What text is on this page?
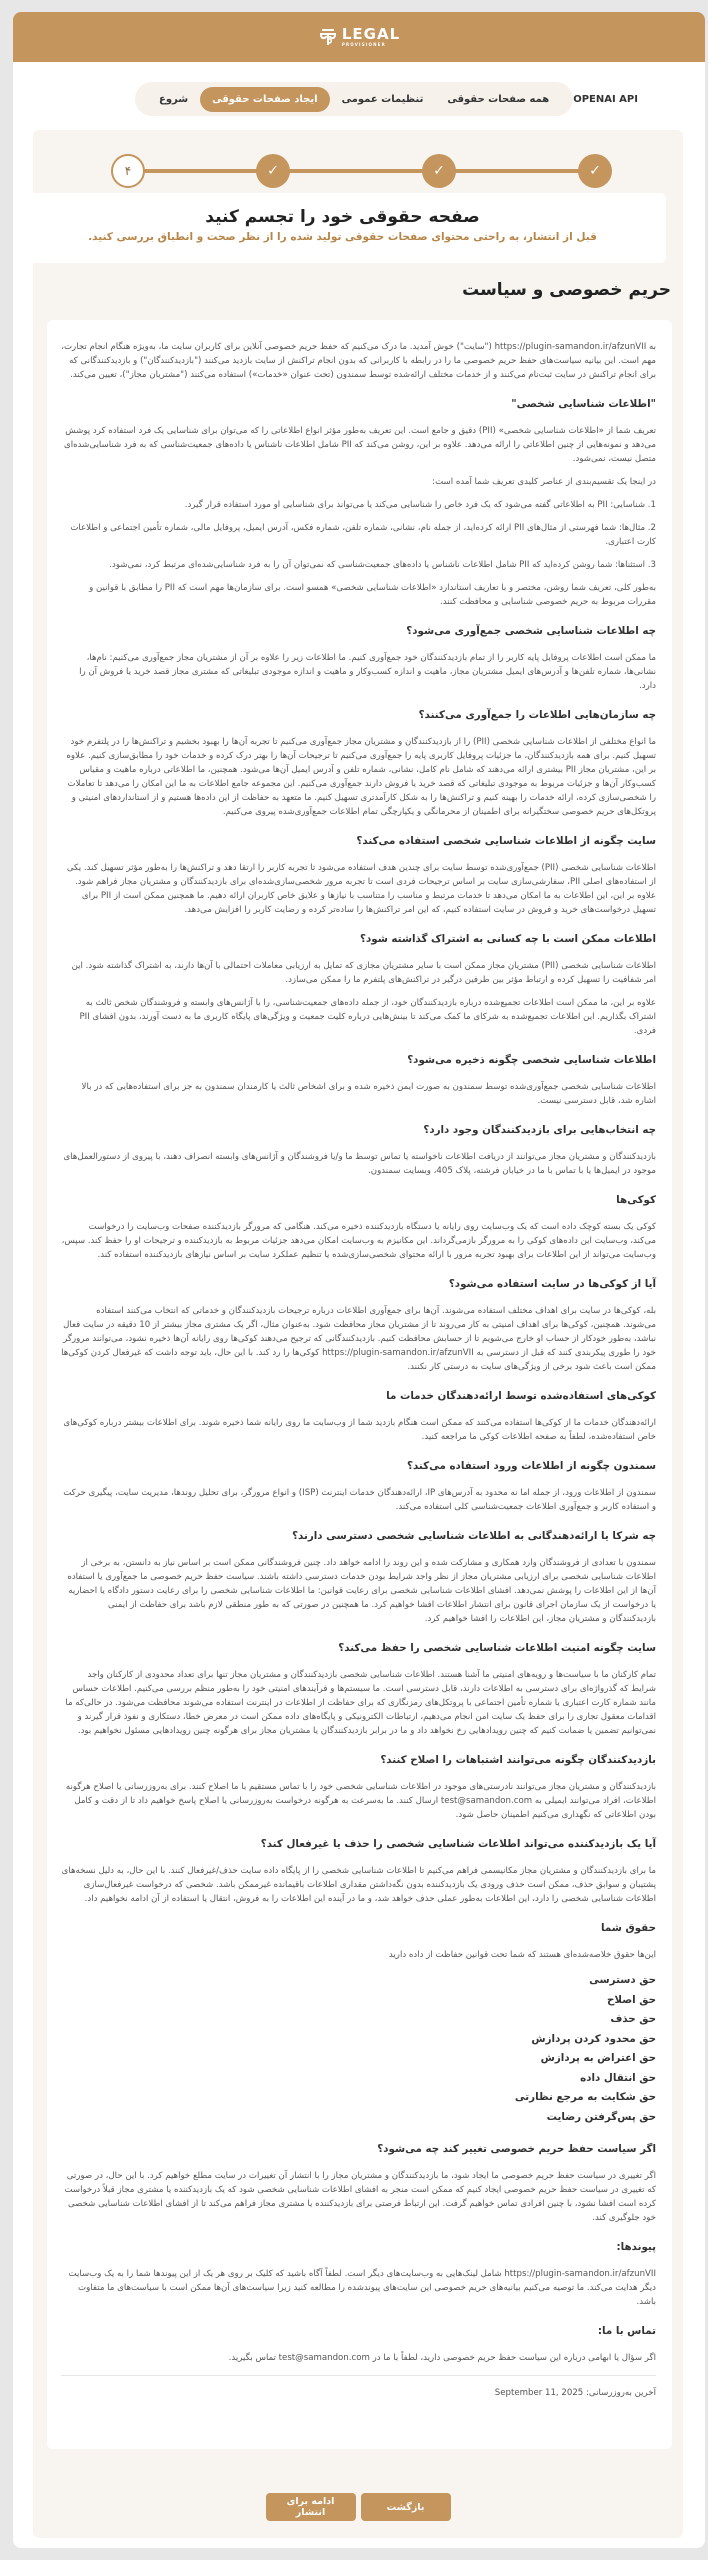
LEGAL
PROVISIONER
شروع	ایجاد صفحات حقوقی	تنظیمات عمومی	همه صفحات حقوقی	OPENAI API
✓
✓
✓
۴
صفحه حقوقی خود را تجسم کنید

قبل از انتشار، به راحتی محتوای صفحات حقوقی تولید شده را از نظر صحت و انطباق بررسی کنید.

حریم خصوصی و سیاست

به https://plugin-samandon.ir/afzunVII ("سایت") خوش آمدید. ما درک می‌کنیم که حفظ حریم خصوصی آنلاین برای کاربران سایت ما، به‌ویژه هنگام انجام تجارت، مهم است. این بیانیه سیاست‌های حفظ حریم خصوصی ما را در رابطه با کاربرانی که بدون انجام تراکنش از سایت بازدید می‌کنند ("بازدیدکنندگان") و بازدیدکنندگانی که برای انجام تراکنش در سایت ثبت‌نام می‌کنند و از خدمات مختلف ارائه‌شده توسط سمندون (تحت عنوان «خدمات») استفاده می‌کنند ("مشتریان مجاز")، تعیین می‌کند.

"اطلاعات شناسایی شخصی"

تعریف شما از «اطلاعات شناسایی شخصی» (PII) دقیق و جامع است. این تعریف به‌طور مؤثر انواع اطلاعاتی را که می‌توان برای شناسایی یک فرد استفاده کرد پوشش می‌دهد و نمونه‌هایی از چنین اطلاعاتی را ارائه می‌دهد. علاوه بر این، روشن می‌کند که PII شامل اطلاعات ناشناس یا داده‌های جمعیت‌شناسی که به فرد شناسایی‌شده‌ای متصل نیست، نمی‌شود.

در اینجا یک تقسیم‌بندی از عناصر کلیدی تعریف شما آمده است:

1. شناسایی: PII به اطلاعاتی گفته می‌شود که یک فرد خاص را شناسایی می‌کند یا می‌تواند برای شناسایی او مورد استفاده قرار گیرد.

2. مثال‌ها: شما فهرستی از مثال‌های PII ارائه کرده‌اید، از جمله نام، نشانی، شماره تلفن، شماره فکس، آدرس ایمیل، پروفایل مالی، شماره تأمین اجتماعی و اطلاعات کارت اعتباری.

3. استثناها: شما روشن کرده‌اید که PII شامل اطلاعات ناشناس یا داده‌های جمعیت‌شناسی که نمی‌توان آن را به فرد شناسایی‌شده‌ای مرتبط کرد، نمی‌شود.

به‌طور کلی، تعریف شما روشن، مختصر و با تعاریف استاندارد «اطلاعات شناسایی شخصی» همسو است. برای سازمان‌ها مهم است که PII را مطابق با قوانین و مقررات مربوط به حریم خصوصی شناسایی و محافظت کنند.

چه اطلاعات شناسایی شخصی جمع‌آوری می‌شود؟

ما ممکن است اطلاعات پروفایل پایه کاربر را از تمام بازدیدکنندگان خود جمع‌آوری کنیم. ما اطلاعات زیر را علاوه بر آن از مشتریان مجاز جمع‌آوری می‌کنیم: نام‌ها، نشانی‌ها، شماره تلفن‌ها و آدرس‌های ایمیل مشتریان مجاز، ماهیت و اندازه کسب‌وکار و ماهیت و اندازه موجودی تبلیغاتی که مشتری مجاز قصد خرید یا فروش آن را دارد.

چه سازمان‌هایی اطلاعات را جمع‌آوری می‌کنند؟

ما انواع مختلفی از اطلاعات شناسایی شخصی (PII) را از بازدیدکنندگان و مشتریان مجاز جمع‌آوری می‌کنیم تا تجربه آن‌ها را بهبود بخشیم و تراکنش‌ها را در پلتفرم خود تسهیل کنیم. برای همه بازدیدکنندگان، ما جزئیات پروفایل کاربری پایه را جمع‌آوری می‌کنیم تا ترجیحات آن‌ها را بهتر درک کرده و خدمات خود را مطابق‌سازی کنیم. علاوه بر این، مشتریان مجاز PII بیشتری ارائه می‌دهند که شامل نام کامل، نشانی، شماره تلفن و آدرس ایمیل آن‌ها می‌شود. همچنین، ما اطلاعاتی درباره ماهیت و مقیاس کسب‌وکار آن‌ها و جزئیات مربوط به موجودی تبلیغاتی که قصد خرید یا فروش دارند جمع‌آوری می‌کنیم. این مجموعه جامع اطلاعات به ما این امکان را می‌دهد تا تعاملات را شخصی‌سازی کرده، ارائه خدمات را بهینه کنیم و تراکنش‌ها را به شکل کارآمدتری تسهیل کنیم. ما متعهد به حفاظت از این داده‌ها هستیم و از استانداردهای امنیتی و پروتکل‌های حریم خصوصی سختگیرانه برای اطمینان از محرمانگی و یکپارچگی تمام اطلاعات جمع‌آوری‌شده پیروی می‌کنیم.

سایت چگونه از اطلاعات شناسایی شخصی استفاده می‌کند؟

اطلاعات شناسایی شخصی (PII) جمع‌آوری‌شده توسط سایت برای چندین هدف استفاده می‌شود تا تجربه کاربر را ارتقا دهد و تراکنش‌ها را به‌طور مؤثر تسهیل کند. یکی از استفاده‌های اصلی PII، سفارشی‌سازی سایت بر اساس ترجیحات فردی است تا تجربه مرور شخصی‌سازی‌شده‌ای برای بازدیدکنندگان و مشتریان مجاز فراهم شود. علاوه بر این، این اطلاعات به ما امکان می‌دهد تا خدمات مرتبط و مناسب را متناسب با نیازها و علایق خاص کاربران ارائه دهیم. ما همچنین ممکن است از PII برای تسهیل درخواست‌های خرید و فروش در سایت استفاده کنیم، که این امر تراکنش‌ها را ساده‌تر کرده و رضایت کاربر را افزایش می‌دهد.

اطلاعات ممکن است با چه کسانی به اشتراک گذاشته شود؟

اطلاعات شناسایی شخصی (PII) مشتریان مجاز ممکن است با سایر مشتریان مجازی که تمایل به ارزیابی معاملات احتمالی با آن‌ها دارند، به اشتراک گذاشته شود. این امر شفافیت را تسهیل کرده و ارتباط مؤثر بین طرفین درگیر در تراکنش‌های پلتفرم ما را ممکن می‌سازد.

علاوه بر این، ما ممکن است اطلاعات تجمیع‌شده درباره بازدیدکنندگان خود، از جمله داده‌های جمعیت‌شناسی، را با آژانس‌های وابسته و فروشندگان شخص ثالث به اشتراک بگذاریم. این اطلاعات تجمیع‌شده به شرکای ما کمک می‌کند تا بینش‌هایی درباره کلیت جمعیت و ویژگی‌های پایگاه کاربری ما به دست آورند، بدون افشای PII فردی.

اطلاعات شناسایی شخصی چگونه ذخیره می‌شود؟

اطلاعات شناسایی شخصی جمع‌آوری‌شده توسط سمندون به صورت ایمن ذخیره شده و برای اشخاص ثالث یا کارمندان سمندون به جز برای استفاده‌هایی که در بالا اشاره شد، قابل دسترسی نیست.

چه انتخاب‌هایی برای بازدیدکنندگان وجود دارد؟

بازدیدکنندگان و مشتریان مجاز می‌توانند از دریافت اطلاعات ناخواسته یا تماس توسط ما و/یا فروشندگان و آژانس‌های وابسته انصراف دهند، با پیروی از دستورالعمل‌های موجود در ایمیل‌ها یا با تماس با ما در خیابان فرشته، پلاک 405، وبسایت سمندون.

کوکی‌ها

کوکی یک بسته کوچک داده است که یک وب‌سایت روی رایانه یا دستگاه بازدیدکننده ذخیره می‌کند. هنگامی که مرورگر بازدیدکننده صفحات وب‌سایت را درخواست می‌کند، وب‌سایت این داده‌های کوکی را به مرورگر بازمی‌گرداند. این مکانیزم به وب‌سایت امکان می‌دهد جزئیات مربوط به بازدیدکننده و ترجیحات او را حفظ کند. سپس، وب‌سایت می‌تواند از این اطلاعات برای بهبود تجربه مرور با ارائه محتوای شخصی‌سازی‌شده یا تنظیم عملکرد سایت بر اساس نیازهای بازدیدکننده استفاده کند.

آیا از کوکی‌ها در سایت استفاده می‌شود؟

بله، کوکی‌ها در سایت برای اهداف مختلف استفاده می‌شوند. آن‌ها برای جمع‌آوری اطلاعات درباره ترجیحات بازدیدکنندگان و خدماتی که انتخاب می‌کنند استفاده می‌شوند. همچنین، کوکی‌ها برای اهداف امنیتی به کار می‌روند تا از مشتریان مجاز محافظت شود. به‌عنوان مثال، اگر یک مشتری مجاز بیشتر از 10 دقیقه در سایت فعال نباشد، به‌طور خودکار از حساب او خارج می‌شویم تا از حسابش محافظت کنیم. بازدیدکنندگانی که ترجیح می‌دهند کوکی‌ها روی رایانه آن‌ها ذخیره نشود، می‌توانند مرورگر خود را طوری پیکربندی کنند که قبل از دسترسی به https://plugin-samandon.ir/afzunVII کوکی‌ها را رد کند. با این حال، باید توجه داشت که غیرفعال کردن کوکی‌ها ممکن است باعث شود برخی از ویژگی‌های سایت به درستی کار نکنند.

کوکی‌های استفاده‌شده توسط ارائه‌دهندگان خدمات ما

ارائه‌دهندگان خدمات ما از کوکی‌ها استفاده می‌کنند که ممکن است هنگام بازدید شما از وب‌سایت ما روی رایانه شما ذخیره شوند. برای اطلاعات بیشتر درباره کوکی‌های خاص استفاده‌شده، لطفاً به صفحه اطلاعات کوکی ما مراجعه کنید.

سمندون چگونه از اطلاعات ورود استفاده می‌کند؟

سمندون از اطلاعات ورود، از جمله اما نه محدود به آدرس‌های IP، ارائه‌دهندگان خدمات اینترنت (ISP) و انواع مرورگر، برای تحلیل روندها، مدیریت سایت، پیگیری حرکت و استفاده کاربر و جمع‌آوری اطلاعات جمعیت‌شناسی کلی استفاده می‌کند.

چه شرکا یا ارائه‌دهندگانی به اطلاعات شناسایی شخصی دسترسی دارند؟

سمندون با تعدادی از فروشندگان وارد همکاری و مشارکت شده و این روند را ادامه خواهد داد. چنین فروشندگانی ممکن است بر اساس نیاز به دانستن، به برخی از اطلاعات شناسایی شخصی برای ارزیابی مشتریان مجاز از نظر واجد شرایط بودن خدمات دسترسی داشته باشند. سیاست حفظ حریم خصوصی ما جمع‌آوری یا استفاده آن‌ها از این اطلاعات را پوشش نمی‌دهد. افشای اطلاعات شناسایی شخصی برای رعایت قوانین: ما اطلاعات شناسایی شخصی را برای رعایت دستور دادگاه یا احضاریه یا درخواست از یک سازمان اجرای قانون برای انتشار اطلاعات افشا خواهیم کرد. ما همچنین در صورتی که به طور منطقی لازم باشد برای حفاظت از ایمنی بازدیدکنندگان و مشتریان مجاز، این اطلاعات را افشا خواهیم کرد.

سایت چگونه امنیت اطلاعات شناسایی شخصی را حفظ می‌کند؟

تمام کارکنان ما با سیاست‌ها و رویه‌های امنیتی ما آشنا هستند. اطلاعات شناسایی شخصی بازدیدکنندگان و مشتریان مجاز تنها برای تعداد محدودی از کارکنان واجد شرایط که گذرواژه‌ای برای دسترسی به اطلاعات دارند، قابل دسترسی است. ما سیستم‌ها و فرآیندهای امنیتی خود را به‌طور منظم بررسی می‌کنیم. اطلاعات حساس مانند شماره کارت اعتباری یا شماره تأمین اجتماعی با پروتکل‌های رمزنگاری که برای حفاظت از اطلاعات در اینترنت استفاده می‌شوند محافظت می‌شود. در حالی‌که ما اقدامات معقول تجاری را برای حفظ یک سایت امن انجام می‌دهیم، ارتباطات الکترونیکی و پایگاه‌های داده ممکن است در معرض خطا، دستکاری و نفوذ قرار گیرند و نمی‌توانیم تضمین یا ضمانت کنیم که چنین رویدادهایی رخ نخواهد داد و ما در برابر بازدیدکنندگان یا مشتریان مجاز برای هرگونه چنین رویدادهایی مسئول نخواهیم بود.

بازدیدکنندگان چگونه می‌توانند اشتباهات را اصلاح کنند؟

بازدیدکنندگان و مشتریان مجاز می‌توانند نادرستی‌های موجود در اطلاعات شناسایی شخصی خود را با تماس مستقیم با ما اصلاح کنند. برای به‌روزرسانی یا اصلاح هرگونه اطلاعات، افراد می‌توانند ایمیلی به test@samandon.com ارسال کنند. ما به‌سرعت به هرگونه درخواست به‌روزرسانی یا اصلاح پاسخ خواهیم داد تا از دقت و کامل بودن اطلاعاتی که نگهداری می‌کنیم اطمینان حاصل شود.

آیا یک بازدیدکننده می‌تواند اطلاعات شناسایی شخصی را حذف یا غیرفعال کند؟

ما برای بازدیدکنندگان و مشتریان مجاز مکانیسمی فراهم می‌کنیم تا اطلاعات شناسایی شخصی را از پایگاه داده سایت حذف/غیرفعال کنند. با این حال، به دلیل نسخه‌های پشتیبان و سوابق حذف، ممکن است حذف ورودی یک بازدیدکننده بدون نگه‌داشتن مقداری اطلاعات باقیمانده غیرممکن باشد. شخصی که درخواست غیرفعال‌سازی اطلاعات شناسایی شخصی را دارد، این اطلاعات به‌طور عملی حذف خواهد شد، و ما در آینده این اطلاعات را به فروش، انتقال یا استفاده از آن ادامه نخواهیم داد.

حقوق شما

این‌ها حقوق خلاصه‌شده‌ای هستند که شما تحت قوانین حفاظت از داده دارید

حق دسترسی
حق اصلاح
حق حذف
حق محدود کردن پردازش
حق اعتراض به پردازش
حق انتقال داده
حق شکایت به مرجع نظارتی
حق پس‌گرفتن رضایت
اگر سیاست حفظ حریم خصوصی تغییر کند چه می‌شود؟

اگر تغییری در سیاست حفظ حریم خصوصی ما ایجاد شود، ما بازدیدکنندگان و مشتریان مجاز را با انتشار آن تغییرات در سایت مطلع خواهیم کرد. با این حال، در صورتی که تغییری در سیاست حفظ حریم خصوصی ایجاد کنیم که ممکن است منجر به افشای اطلاعات شناسایی شخصی شود که یک بازدیدکننده یا مشتری مجاز قبلاً درخواست کرده است افشا نشود، با چنین افرادی تماس خواهیم گرفت. این ارتباط فرصتی برای بازدیدکننده یا مشتری مجاز فراهم می‌کند تا از افشای اطلاعات شناسایی شخصی خود جلوگیری کند.

پیوندها:

https://plugin-samandon.ir/afzunVII شامل لینک‌هایی به وب‌سایت‌های دیگر است. لطفاً آگاه باشید که کلیک بر روی هر یک از این پیوندها شما را به یک وب‌سایت دیگر هدایت می‌کند. ما توصیه می‌کنیم بیانیه‌های حریم خصوصی این سایت‌های پیوندشده را مطالعه کنید زیرا سیاست‌های آن‌ها ممکن است با سیاست‌های ما متفاوت باشد.

تماس با ما:

اگر سؤال یا ابهامی درباره این سیاست حفظ حریم خصوصی دارید، لطفاً با ما در test@samandon.com تماس بگیرید.

آخرین به‌روزرسانی: September 11, 2025

بازگشت
ادامه برای انتشار
